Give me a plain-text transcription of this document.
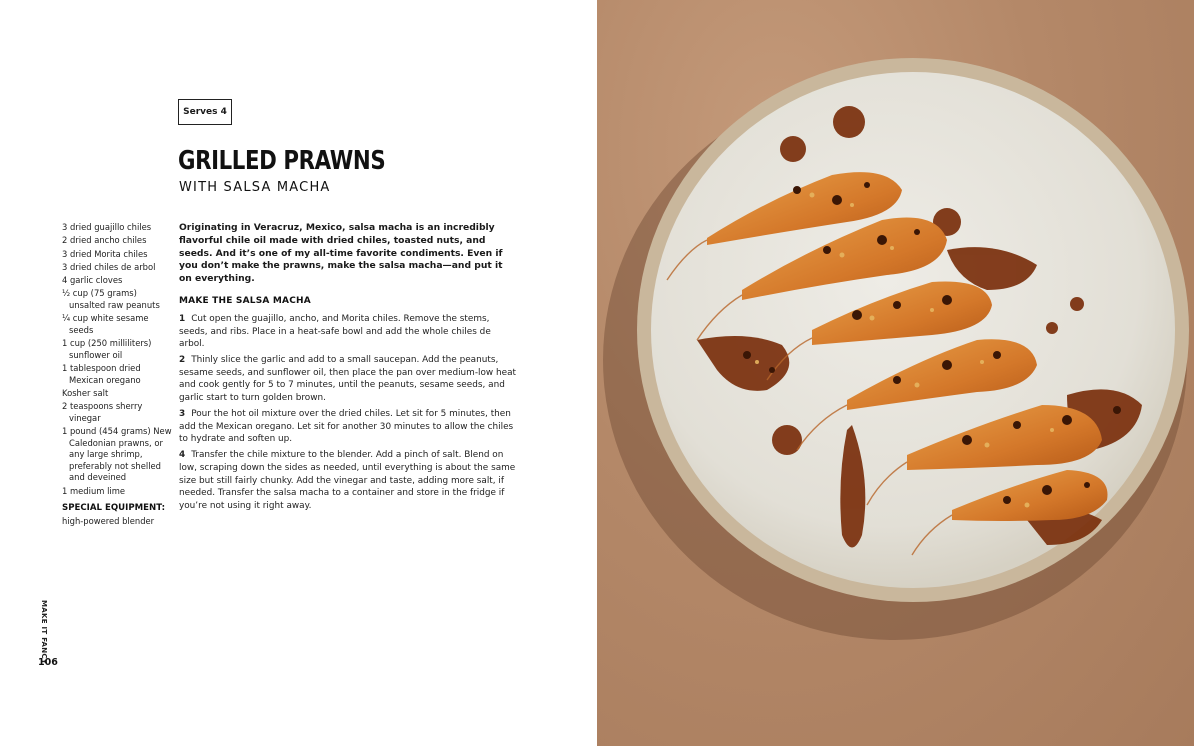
Serves 4
GRILLED PRAWNS
WITH SALSA MACHA
3 dried guajillo chiles
2 dried ancho chiles
3 dried Morita chiles
3 dried chiles de arbol
4 garlic cloves
½ cup (75 grams) unsalted raw peanuts
¼ cup white sesame seeds
1 cup (250 milliliters) sunflower oil
1 tablespoon dried Mexican oregano
Kosher salt
2 teaspoons sherry vinegar
1 pound (454 grams) New Caledonian prawns, or any large shrimp, preferably not shelled and deveined
1 medium lime
SPECIAL EQUIPMENT:
high-powered blender

Originating in Veracruz, Mexico, salsa macha is an incredibly flavorful chile oil made with dried chiles, toasted nuts, and seeds. And it’s one of my all-time favorite condiments. Even if you don’t make the prawns, make the salsa macha—and put it on everything.

MAKE THE SALSA MACHA

1 Cut open the guajillo, ancho, and Morita chiles. Remove the stems, seeds, and ribs. Place in a heat-safe bowl and add the whole chiles de arbol.

2 Thinly slice the garlic and add to a small saucepan. Add the peanuts, sesame seeds, and sunflower oil, then place the pan over medium-low heat and cook gently for 5 to 7 minutes, until the peanuts, sesame seeds, and garlic start to turn golden brown.

3 Pour the hot oil mixture over the dried chiles. Let sit for 5 minutes, then add the Mexican oregano. Let sit for another 30 minutes to allow the chiles to hydrate and soften up.

4 Transfer the chile mixture to the blender. Add a pinch of salt. Blend on low, scraping down the sides as needed, until everything is about the same size but still fairly chunky. Add the vinegar and taste, adding more salt, if needed. Transfer the salsa macha to a container and store in the fridge if you’re not using it right away.

MAKE IT FANCY
106
